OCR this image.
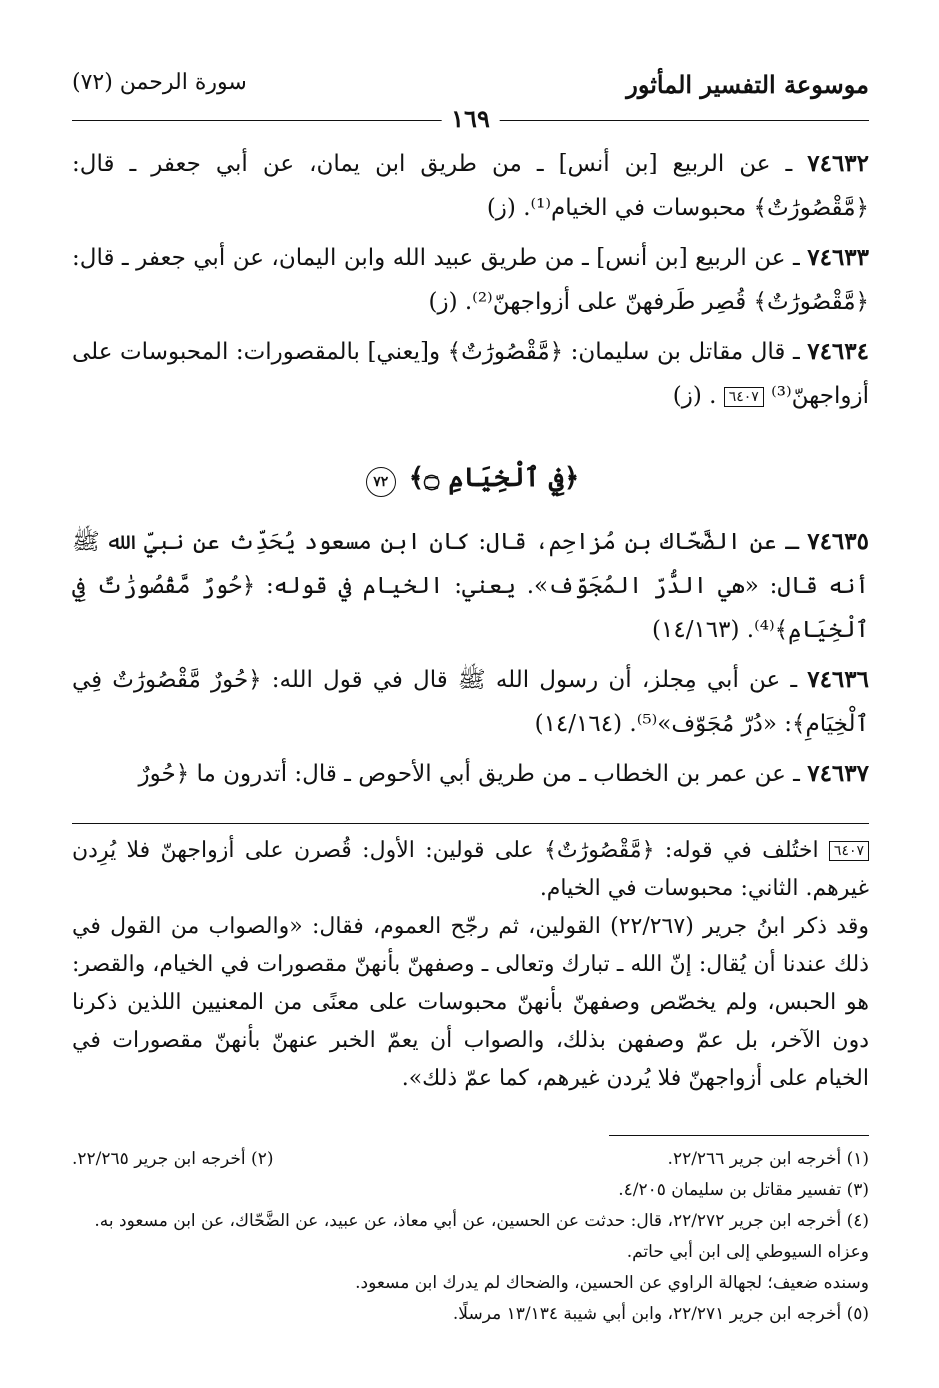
موسوعة التفسير المأثور
سورة الرحمن (٧٢)
١٦٩
٧٤٦٣٢ ـ عن الربيع [بن أنس] ـ من طريق ابن يمان، عن أبي جعفر ـ قال: ﴿مَّقْصُورَٰتٌ﴾ محبوسات في الخيام⁽¹⁾. (ز)
٧٤٦٣٣ ـ عن الربيع [بن أنس] ـ من طريق عبيد الله وابن اليمان، عن أبي جعفر ـ قال: ﴿مَّقْصُورَٰتٌ﴾ قُصِر طَرفهنّ على أزواجهنّ⁽²⁾. (ز)
٧٤٦٣٤ ـ قال مقاتل بن سليمان: ﴿مَّقْصُورَٰتٌ﴾ و[يعني] بالمقصورات: المحبوسات على أزواجهنّ⁽³⁾ ٦٤٠٧ . (ز)
﴿فِي ٱلْخِيَامِ ۝﴾ ٧٢
٧٤٦٣٥ ـ عن الضَّحّاك بن مُزاحِم، قال: كان ابن مسعود يُحَدِّث عن نبيِّ الله ﷺ أنه قال: «هي الدُّرّ المُجَوّف». يعني: الخيام في قوله: ﴿حُورٌ مَّقْصُورَٰتٌ فِي ٱلْخِيَامِ﴾⁽⁴⁾. (١٤/١٦٣)
٧٤٦٣٦ ـ عن أبي مِجلز، أن رسول الله ﷺ قال في قول الله: ﴿حُورٌ مَّقْصُورَٰتٌ فِي ٱلْخِيَامِ﴾: «دُرّ مُجَوّف»⁽⁵⁾. (١٤/١٦٤)
٧٤٦٣٧ ـ عن عمر بن الخطاب ـ من طريق أبي الأحوص ـ قال: أتدرون ما ﴿حُورٌ
٦٤٠٧ اختُلف في قوله: ﴿مَّقْصُورَٰتٌ﴾ على قولين: الأول: قُصرن على أزواجهنّ فلا يُرِدن غيرهم. الثاني: محبوسات في الخيام.
وقد ذكر ابنُ جرير (٢٢/٢٦٧) القولين، ثم رجّح العموم، فقال: «والصواب من القول في ذلك عندنا أن يُقال: إنّ الله ـ تبارك وتعالى ـ وصفهنّ بأنهنّ مقصورات في الخيام، والقصر: هو الحبس، ولم يخصّص وصفهنّ بأنهنّ محبوسات على معنًى من المعنيين اللذين ذكرنا دون الآخر، بل عمّ وصفهن بذلك، والصواب أن يعمّ الخبر عنهنّ بأنهنّ مقصورات في الخيام على أزواجهنّ فلا يُردن غيرهم، كما عمّ ذلك».
(١) أخرجه ابن جرير ٢٢/٢٦٦.
(٢) أخرجه ابن جرير ٢٢/٢٦٥.
(٣) تفسير مقاتل بن سليمان ٤/٢٠٥.
(٤) أخرجه ابن جرير ٢٢/٢٧٢، قال: حدثت عن الحسين، عن أبي معاذ، عن عبيد، عن الضَّحّاك، عن ابن مسعود به. وعزاه السيوطي إلى ابن أبي حاتم.
وسنده ضعيف؛ لجهالة الراوي عن الحسين، والضحاك لم يدرك ابن مسعود.
(٥) أخرجه ابن جرير ٢٢/٢٧١، وابن أبي شيبة ١٣/١٣٤ مرسلًا.
